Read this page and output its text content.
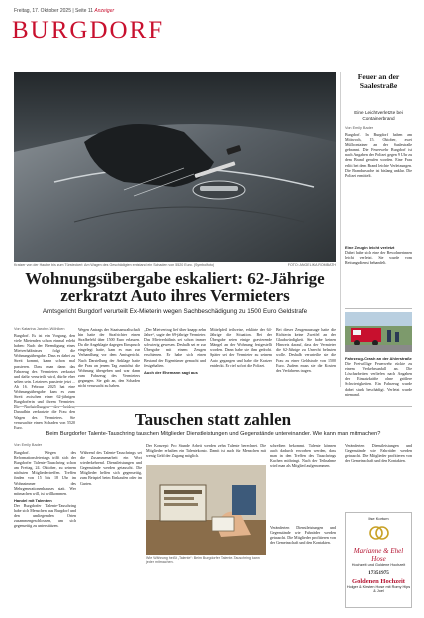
Freitag, 17. Oktober 2025 | Seite 11 Anzeiger
BURGDORF
Kratzer von der Haube bis zum Türsteckerl: Am Wagen des Geschädigten entstand ein Schaden von 5520 Euro. (Symbolfoto)	FOTO: ANGELIKA ROMBATH
Wohnungsübergabe eskaliert: 62-Jährige
zerkratzt Auto ihres Vermieters
Amtsgericht Burgdorf verurteilt Ex-Mieterin wegen Sachbeschädigung zu 1500 Euro Geldstrafe
Von Katarina Jarohn-Wöhlken
Burgdorf. Es ist ein Vorgang, den viele Mietenden schon einmal erlebt haben: Nach der Beendigung eines Mietverhältnisses folgt die Wohnungsübergabe. Dass es dabei zu Streit kommt, kann schon mal passieren. Dass man dann das Fahrzeug des Vermieters zerkratzt und dafür verurteilt wird, dürfte eher selten sein. Letzteres passierte jetzt ... Ab 16. Februar 2025 hat eine Wohnungsübergabe kam es zum Streit zwischen einer 62-jährigen Burgdorferin und ihrem Vermieter. Daraufhin zerkratzte die Frau den Wagen des Vermieters. Sie verursachte einen Schaden von 5520 Euro.
Wegen Antrags der Staatsanwaltschaft hin hatte der Strafrichter einen Strafbefehl über 1500 Euro erlassen. Da die Angeklagte dagegen Einspruch eingelegt hatte, kam es nun zur Verhandlung vor dem Amtsgericht. Nach Darstellung der Anklage hatte die Frau an jenem Tag zunächst die Wohnung übergeben und war dann zum Fahrzeug des Vermieters gegangen. Sie gab an, den Schaden nicht verursacht zu haben.
„Der Mietvertrag lief über knapp zehn Jahre“, sagte der 69-jährige Vermieter. Das Mietverhältnis sei schon immer schwierig gewesen. Deshalb sei er zur Übergabe mit einem Zeugen erschienen. Er habe sich einen Bestand der Eigentümer gemacht und festgehalten.
Auch der Ehemann sagt aus
Mittelpfeil teilweise, erklärte der 64-Jährige die Situation. Bei der Übergabe seien einige gravierende Mängel an der Wohnung festgestellt worden. Dann habe sie ihm gedroht. Später sei der Vermieter zu seinem Auto gegangen und habe die Kratzer entdeckt. Er rief sofort die Polizei.
Bei dieser Zeugenaussage hatte die Richterin keine Zweifel an der Glaubwürdigkeit. Sie habe keinen Hinweis darauf, dass der Vermieter die 62-Jährige zu Unrecht belasten wolle. Deshalb verurteilte sie die Frau zu einer Geldstrafe von 1500 Euro. Zudem muss sie die Kosten des Verfahrens tragen.
Feuer an der Saalestraße
Eine Leichtverletzte bei Containerbrand
Von Emily Bader
Burgdorf. In Burgdorf haben am Mittwoch, 15. Oktober, zwei Müllcontainer an der Saalestraße gebrannt. Die Feuerwehr Burgdorf ist nach Angaben der Polizei gegen 9 Uhr zu dem Brand gerufen worden. Eine Frau erlitt bei dem Brand leichte Verletzungen. Die Brandursache ist bislang unklar. Die Polizei ermittelt.
Eine Zeugin leicht verletzt
Dabei habe sich eine der Bewohnerinnen leicht verletzt. Sie wurde vom Rettungsdienst behandelt.
Fahrzeug-Crash an der Ahlerstraße
Die Freiwillige Feuerwehr rückte zu einem Verkehrsunfall an. Die Löscharbeiten verliefen nach Angaben der Einsatzkräfte ohne größere Schwierigkeiten. Ein Fahrzeug wurde dabei stark beschädigt. Verletzt wurde niemand.
Tauschen statt zahlen
Beim Burgdorfer Talente-Tauschring tauschen Mitglieder Dienstleistungen und Gegenstände untereinander. Wie kann man mitmachen?
Von Emily Bader
Burgdorf. Wegen des Reformationsfeiertags trifft sich der Burgdorfer Talente-Tauschring schon am Freitag, 24. Oktober, zu seinem nächsten Mitgliedertreffen. Treffen finden von 15 bis 18 Uhr im Wohnzimmer des Mehrgenerationenhauses statt. Wer mitmachen will, ist willkommen.
Handel mit Talenten
Der Burgdorfer Talente-Tauschring habe sich Menschen aus Burgdorf und den umliegenden Orten zusammengeschlossen, um sich gegenseitig zu unterstützen.
Während des Talente-Tauschrings sei die Zusammenarbeit ein Wort wiederkehrend. Dienstleistungen und Gegenstände werden getauscht. Die Mitglieder helfen sich gegenseitig, zum Beispiel beim Einkaufen oder im Garten.
Der Konzept: Pro Stunde Arbeit werden zehn Talente berechnet. Die Mitglieder erhalten ein Talentekonto. Damit ist auch für Menschen mit wenig Geld der Zugang möglich.
Wie Währung heißt „Talente“: Beim Burgdorfer Talente-Tauschring kann jeder mitmachen.
schreiben bekommt. Talente können auch dadurch erworben werden, dass man in den Treffen des Tauschrings Kuchen mitbringt. Nach der Teilnahme wird man als Mitglied aufgenommen.
Veränderten Dienstleistungen und Gegenstände wie Fahrräder werden getauscht. Die Mitglieder profitieren von der Gemeinschaft und den Kontakten.
Veränderten Dienstleistungen und Gegenstände wie Fahrräder werden getauscht. Die Mitglieder profitieren von der Gemeinschaft und den Kontakten.
Ilse Kortum
Marianne & Ehel Hose
Hochzeit und Goldene Hochzeit
17351975
Goldenen Hochzeit
Holger & Kirsten Hose mit Romy Hips & Joel
